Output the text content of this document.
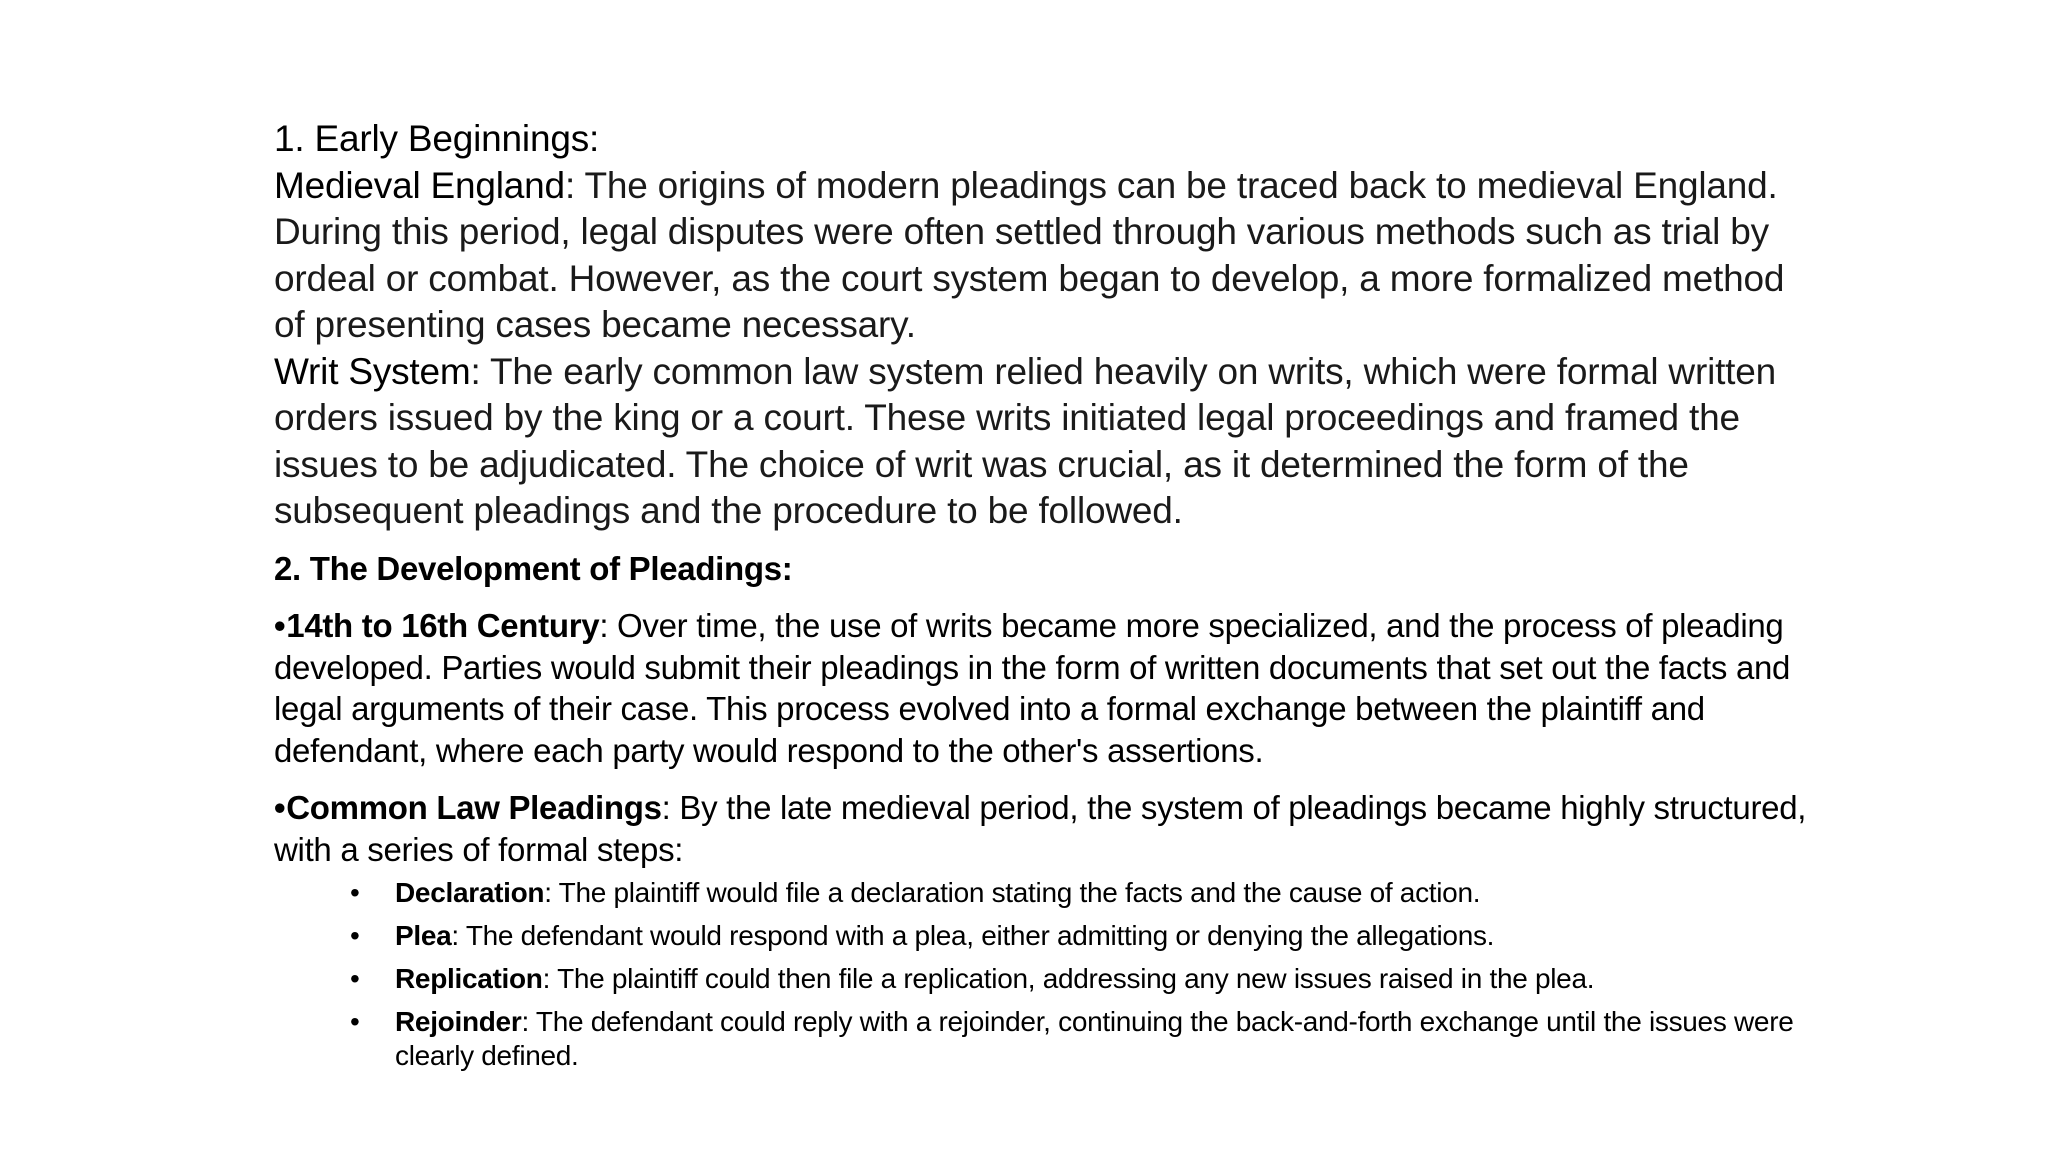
1. Early Beginnings:

Medieval England: The origins of modern pleadings can be traced back to medieval England. During this period, legal disputes were often settled through various methods such as trial by ordeal or combat. However, as the court system began to develop, a more formalized method of presenting cases became necessary.

Writ System: The early common law system relied heavily on writs, which were formal written orders issued by the king or a court. These writs initiated legal proceedings and framed the issues to be adjudicated. The choice of writ was crucial, as it determined the form of the subsequent pleadings and the procedure to be followed.

2. The Development of Pleadings:

•14th to 16th Century: Over time, the use of writs became more specialized, and the process of pleading developed. Parties would submit their pleadings in the form of written documents that set out the facts and legal arguments of their case. This process evolved into a formal exchange between the plaintiff and defendant, where each party would respond to the other's assertions.

•Common Law Pleadings: By the late medieval period, the system of pleadings became highly structured, with a series of formal steps:

• Declaration: The plaintiff would file a declaration stating the facts and the cause of action.
• Plea: The defendant would respond with a plea, either admitting or denying the allegations.
• Replication: The plaintiff could then file a replication, addressing any new issues raised in the plea.
• Rejoinder: The defendant could reply with a rejoinder, continuing the back-and-forth exchange until the issues were clearly defined.
